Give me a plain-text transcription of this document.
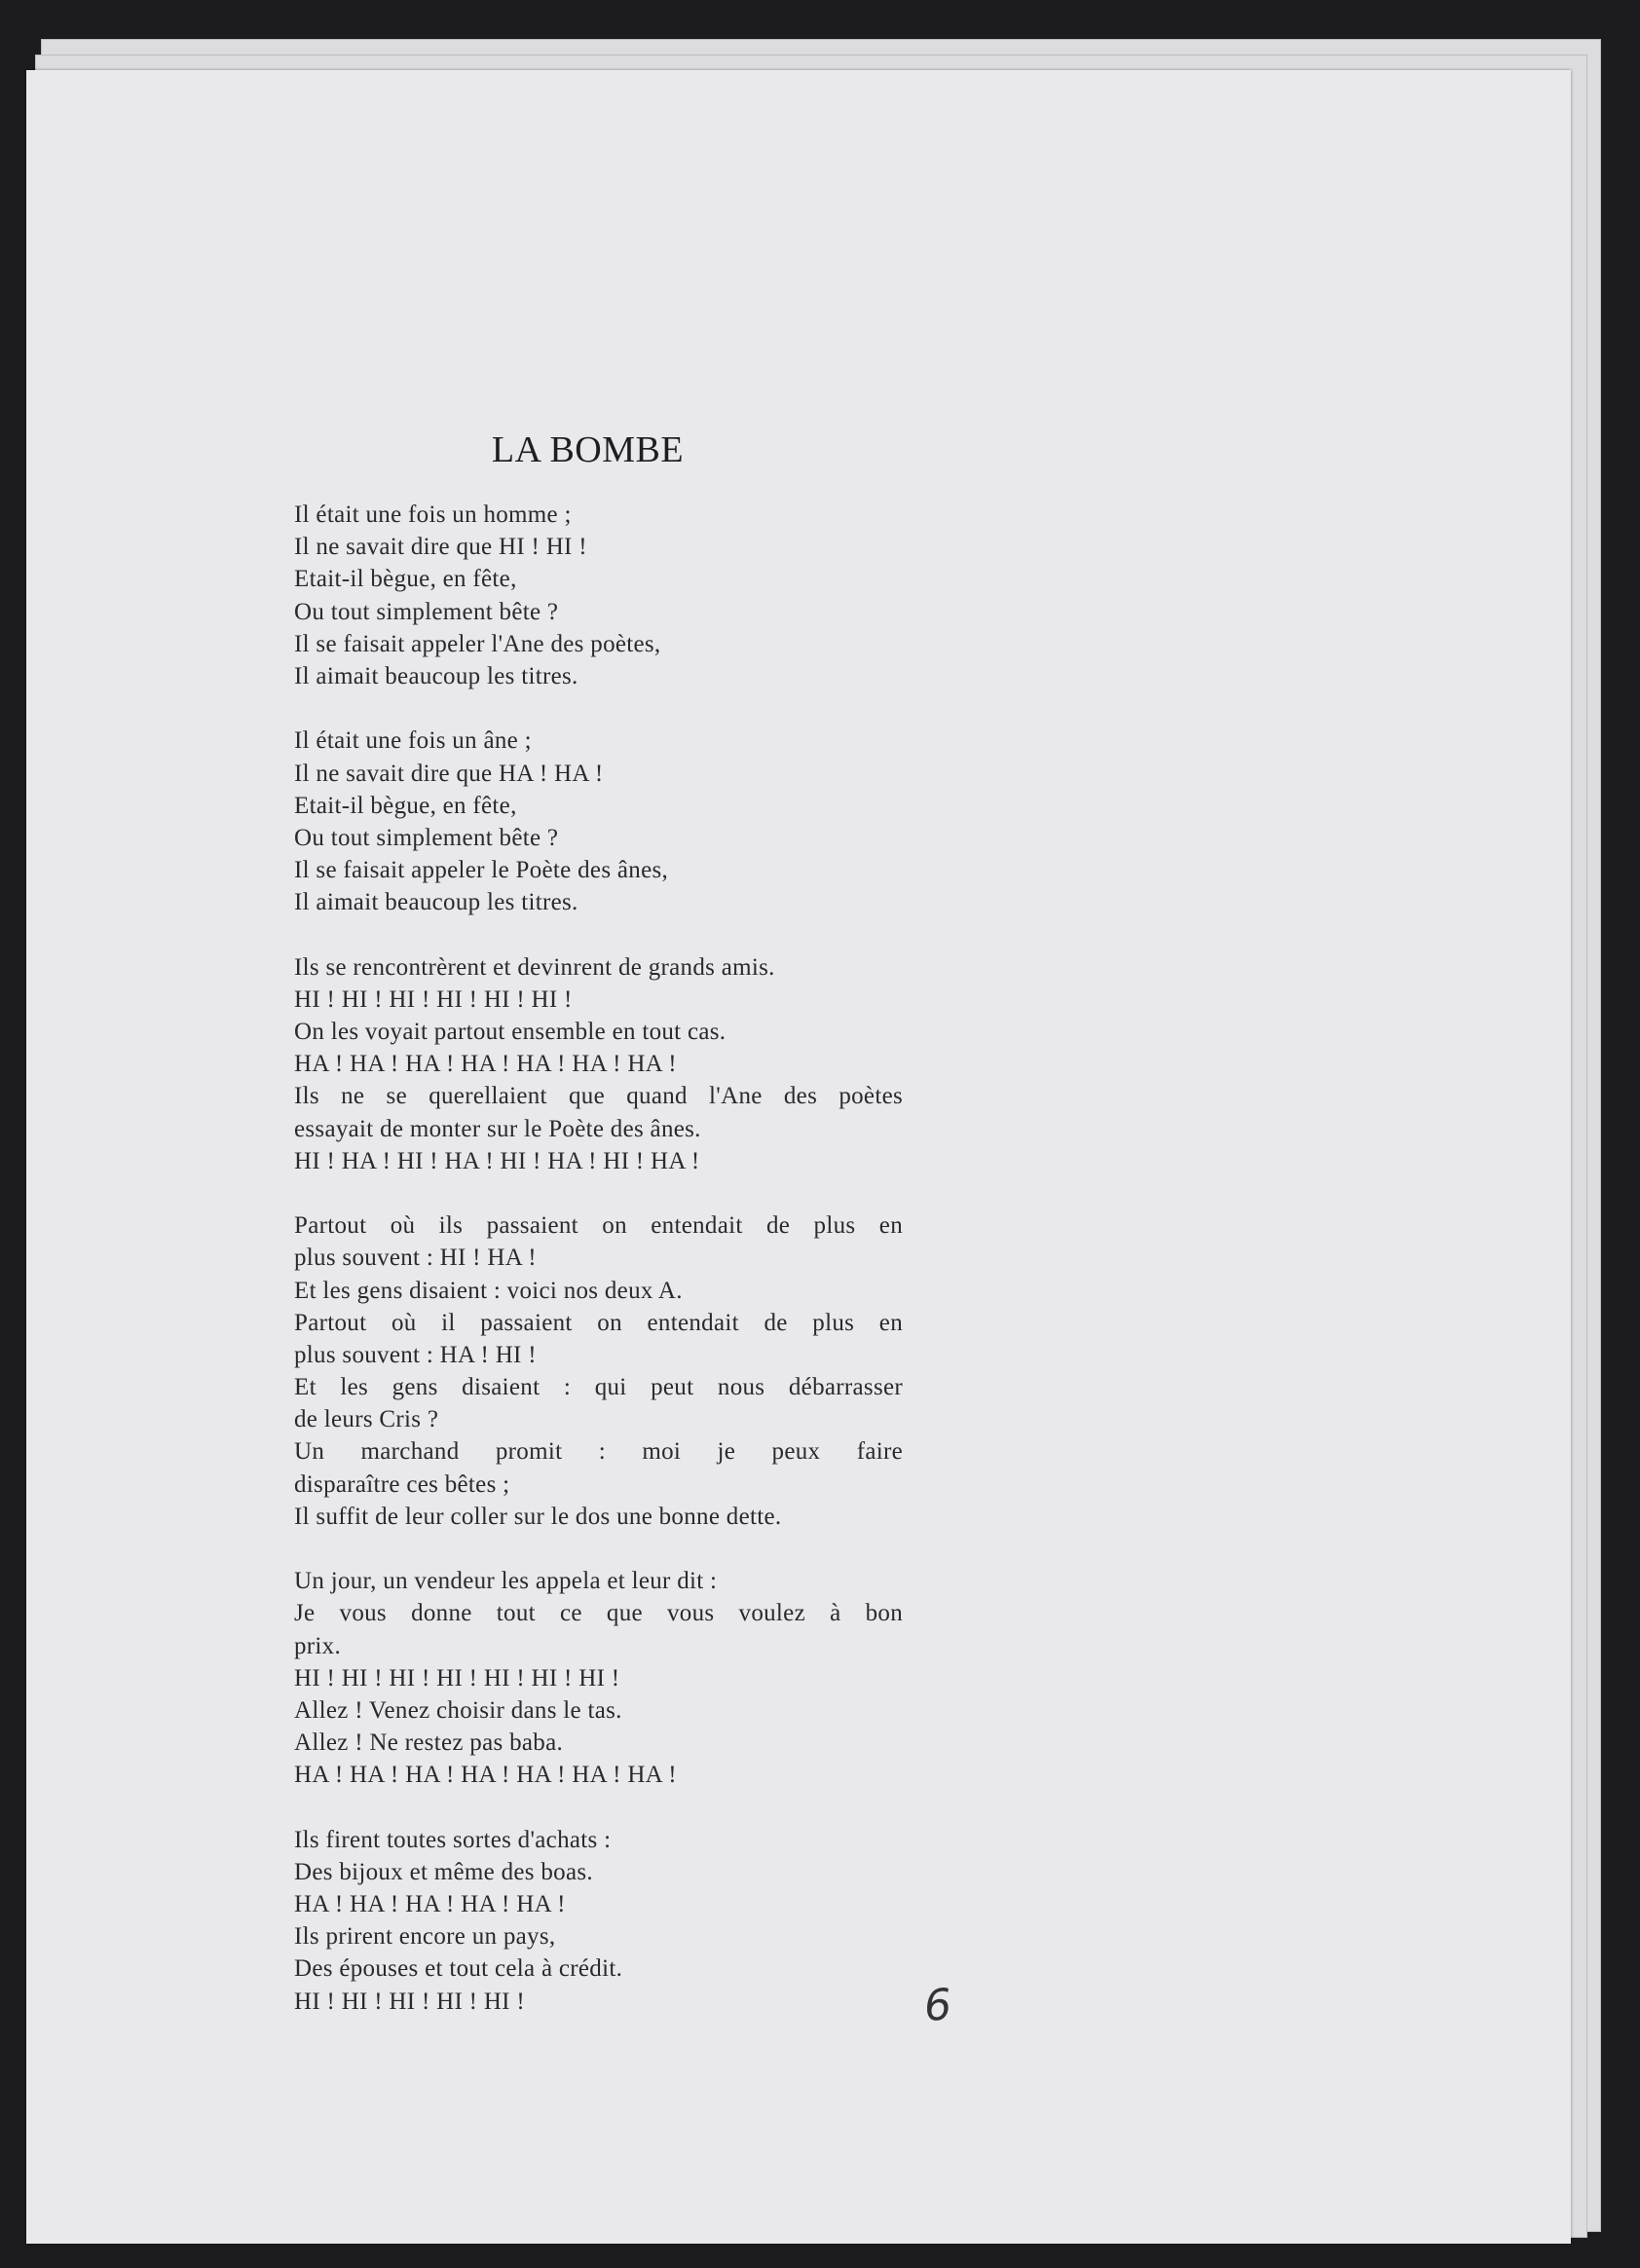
LA BOMBE
Il était une fois un homme ;
Il ne savait dire que HI ! HI !
Etait-il bègue, en fête,
Ou tout simplement bête ?
Il se faisait appeler l'Ane des poètes,
Il aimait beaucoup les titres.
Il était une fois un âne ;
Il ne savait dire que HA ! HA !
Etait-il bègue, en fête,
Ou tout simplement bête ?
Il se faisait appeler le Poète des ânes,
Il aimait beaucoup les titres.
Ils se rencontrèrent et devinrent de grands amis.
HI ! HI ! HI ! HI ! HI ! HI !
On les voyait partout ensemble en tout cas.
HA ! HA ! HA ! HA ! HA ! HA ! HA !
Ils ne se querellaient que quand l'Ane des poètes
essayait de monter sur le Poète des ânes.
HI ! HA ! HI ! HA ! HI ! HA ! HI ! HA !
Partout où ils passaient on entendait de plus en
plus souvent : HI ! HA !
Et les gens disaient : voici nos deux A.
Partout où il passaient on entendait de plus en
plus souvent : HA ! HI !
Et les gens disaient : qui peut nous débarrasser
de leurs Cris ?
Un marchand promit : moi je peux faire
disparaître ces bêtes ;
Il suffit de leur coller sur le dos une bonne dette.
Un jour, un vendeur les appela et leur dit :
Je vous donne tout ce que vous voulez à bon
prix.
HI ! HI ! HI ! HI ! HI ! HI ! HI !
Allez ! Venez choisir dans le tas.
Allez ! Ne restez pas baba.
HA ! HA ! HA ! HA ! HA ! HA ! HA !
Ils firent toutes sortes d'achats :
Des bijoux et même des boas.
HA ! HA ! HA ! HA ! HA !
Ils prirent encore un pays,
Des épouses et tout cela à crédit.
HI ! HI ! HI ! HI ! HI !	6
